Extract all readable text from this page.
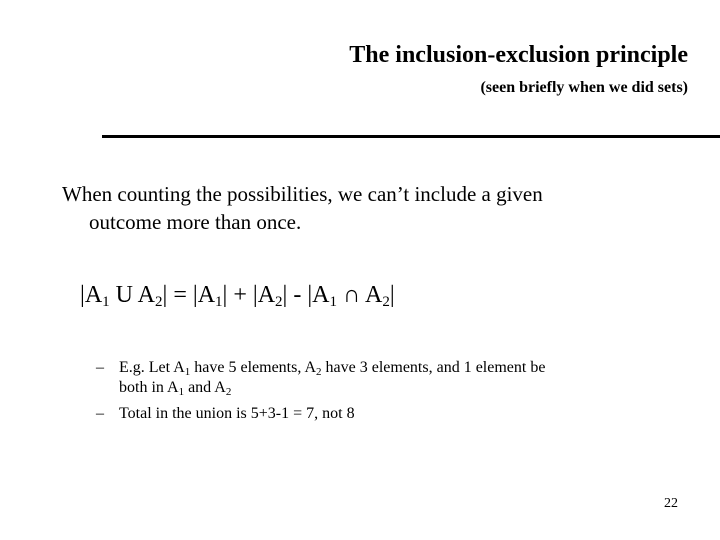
The inclusion-exclusion principle
(seen briefly when we did sets)
When counting the possibilities, we can’t include a given
outcome more than once.
$|A_1$ U $A_2| = |A_1| + |A_2| - |A_1$ ∩ $A_2|$
– E.g. Let $A_1$ have 5 elements, $A_2$ have 3 elements, and 1 element be
both in $A_1$ and $A_2$
– Total in the union is 5+3-1 = 7, not 8
22
